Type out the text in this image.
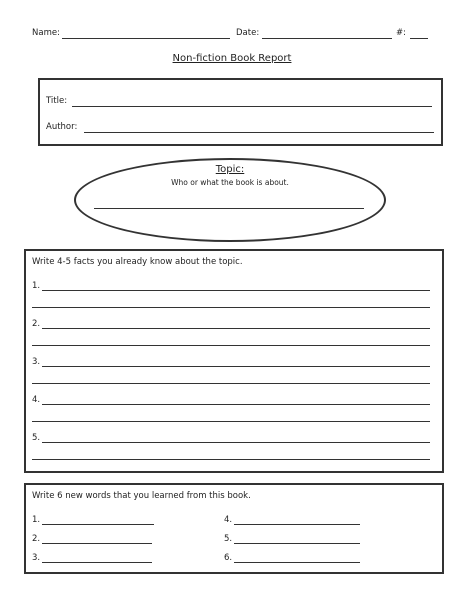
Name:	Date:	#:
Non-fiction Book Report
Title:
Author:
Topic:
Who or what the book is about.
Write 4-5 facts you already know about the topic.
1.
2.
3.
4.
5.
Write 6 new words that you learned from this book.
1.
2.
3.
4.
5.
6.
